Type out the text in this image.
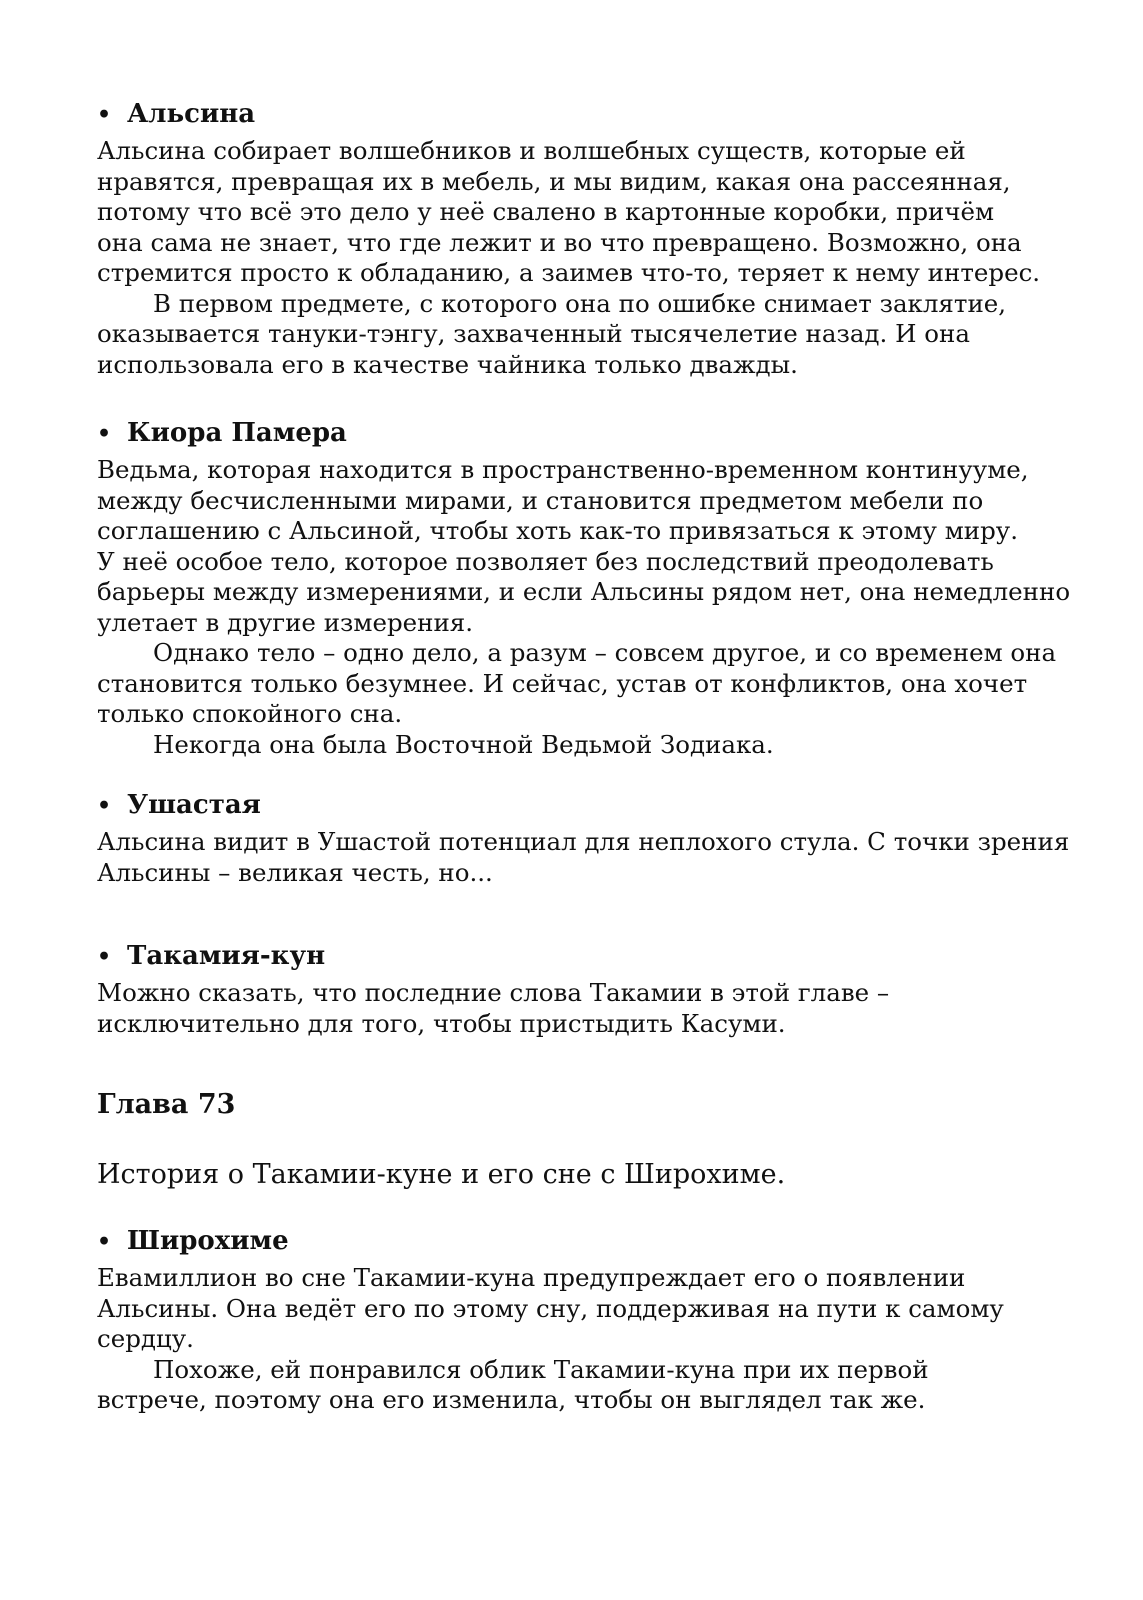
• Альсина

Альсина собирает волшебников и волшебных существ, которые ей
нравятся, превращая их в мебель, и мы видим, какая она рассеянная,
потому что всё это дело у неё свалено в картонные коробки, причём
она сама не знает, что где лежит и во что превращено. Возможно, она
стремится просто к обладанию, а заимев что-то, теряет к нему интерес.

В первом предмете, с которого она по ошибке снимает заклятие,
оказывается тануки-тэнгу, захваченный тысячелетие назад. И она
использовала его в качестве чайника только дважды.

• Киора Памера

Ведьма, которая находится в пространственно-временном континууме,
между бесчисленными мирами, и становится предметом мебели по
соглашению с Альсиной, чтобы хоть как-то привязаться к этому миру.
У неё особое тело, которое позволяет без последствий преодолевать
барьеры между измерениями, и если Альсины рядом нет, она немедленно
улетает в другие измерения.

Однако тело – одно дело, а разум – совсем другое, и со временем она
становится только безумнее. И сейчас, устав от конфликтов, она хочет
только спокойного сна.

Некогда она была Восточной Ведьмой Зодиака.

• Ушастая

Альсина видит в Ушастой потенциал для неплохого стула. С точки зрения
Альсины – великая честь, но...

• Такамия-кун

Можно сказать, что последние слова Такамии в этой главе –
исключительно для того, чтобы пристыдить Касуми.

Глава 73
История о Такамии-куне и его сне с Широхиме.
• Широхиме

Евамиллион во сне Такамии-куна предупреждает его о появлении
Альсины. Она ведёт его по этому сну, поддерживая на пути к самому
сердцу.

Похоже, ей понравился облик Такамии-куна при их первой
встрече, поэтому она его изменила, чтобы он выглядел так же.
